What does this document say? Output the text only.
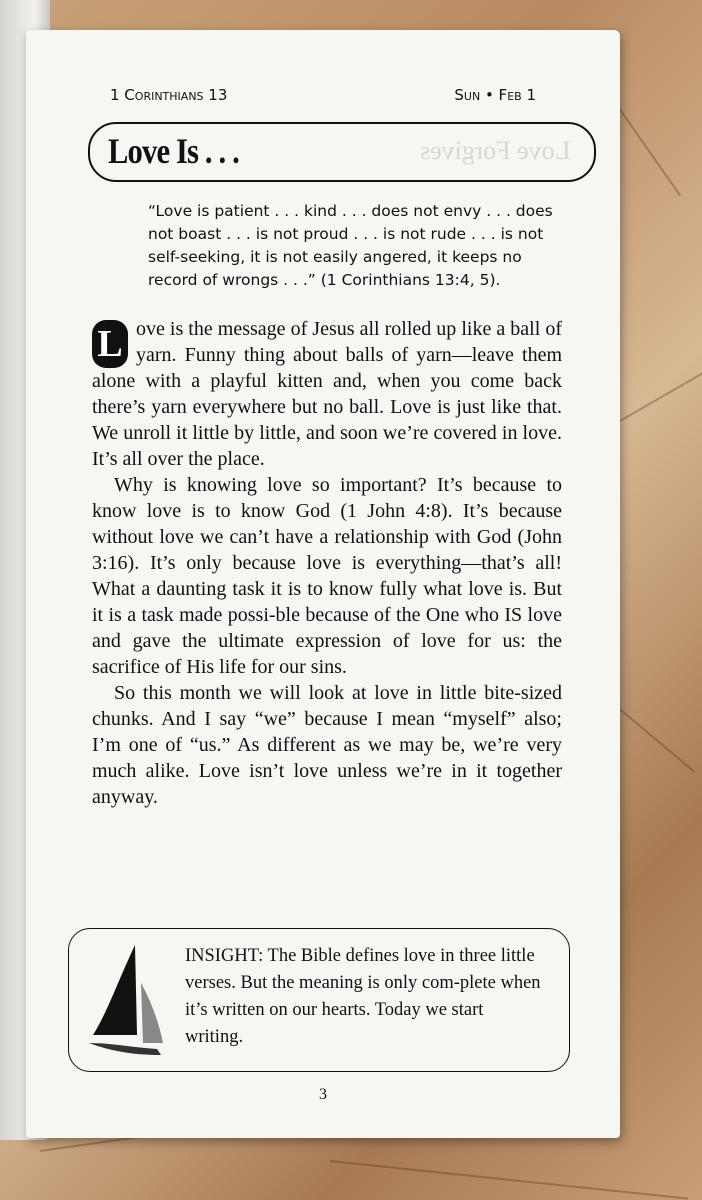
1 Corinthians 13	Sun • Feb 1
Love Is . . .	Love Forgives
“Love is patient . . . kind . . . does not envy . . . does not boast . . . is not proud . . . is not rude . . . is not self-seeking, it is not easily angered, it keeps no record of wrongs . . .” (1 Corinthians 13:4, 5).

L ove is the message of Jesus all rolled up like a ball of yarn. Funny thing about balls of yarn—leave them alone with a playful kitten and, when you come back there’s yarn everywhere but no ball. Love is just like that. We unroll it little by little, and soon we’re covered in love. It’s all over the place.

Why is knowing love so important? It’s because to know love is to know God (1 John 4:8). It’s because without love we can’t have a relationship with God (John 3:16). It’s only because love is everything—that’s all! What a daunting task it is to know fully what love is. But it is a task made possi-ble because of the One who IS love and gave the ultimate expression of love for us: the sacrifice of His life for our sins.

So this month we will look at love in little bite-sized chunks. And I say “we” because I mean “myself” also; I’m one of “us.” As different as we may be, we’re very much alike. Love isn’t love unless we’re in it together anyway.

INSIGHT: The Bible defines love in three little verses. But the meaning is only com-plete when it’s written on our hearts. Today we start writing.
3
